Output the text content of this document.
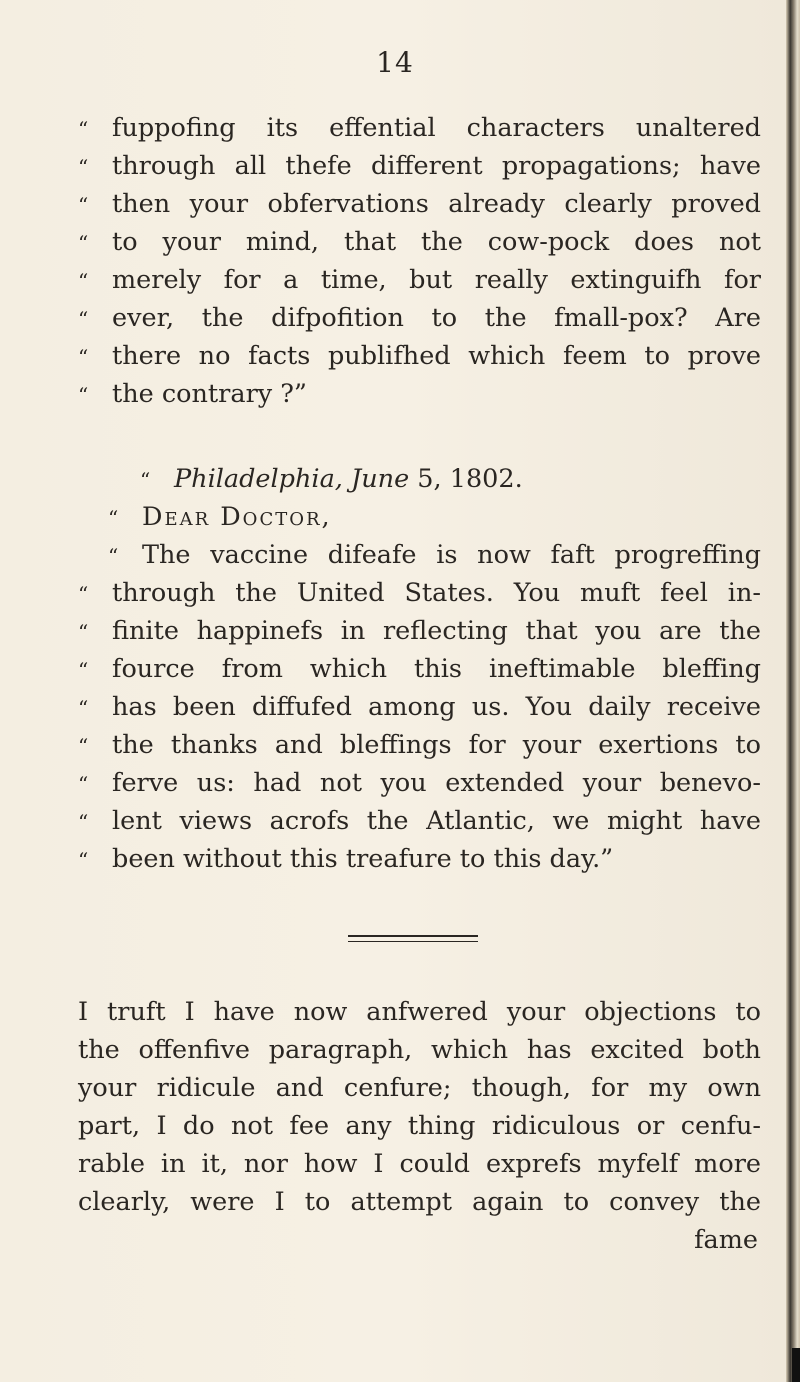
14
“ fuppofing its effential characters unaltered
“ through all thefe different propagations; have
“ then your obfervations already clearly proved
“ to your mind, that the cow-pock does not
“ merely for a time, but really extinguifh for
“ ever, the difpofition to the fmall-pox? Are
“ there no facts publifhed which feem to prove
“ the contrary ?”
“ Philadelphia, June 5, 1802.
“ Dear Doctor,
“ The vaccine difeafe is now faft progreffing
“ through the United States. You muft feel in-
“ finite happinefs in reflecting that you are the
“ fource from which this ineftimable bleffing
“ has been diffufed among us. You daily receive
“ the thanks and bleffings for your exertions to
“ ferve us: had not you extended your benevo-
“ lent views acrofs the Atlantic, we might have
“ been without this treafure to this day.”
I truft I have now anfwered your objections to
the offenfive paragraph, which has excited both
your ridicule and cenfure; though, for my own
part, I do not fee any thing ridiculous or cenfu-
rable in it, nor how I could exprefs myfelf more
clearly, were I to attempt again to convey the
fame
